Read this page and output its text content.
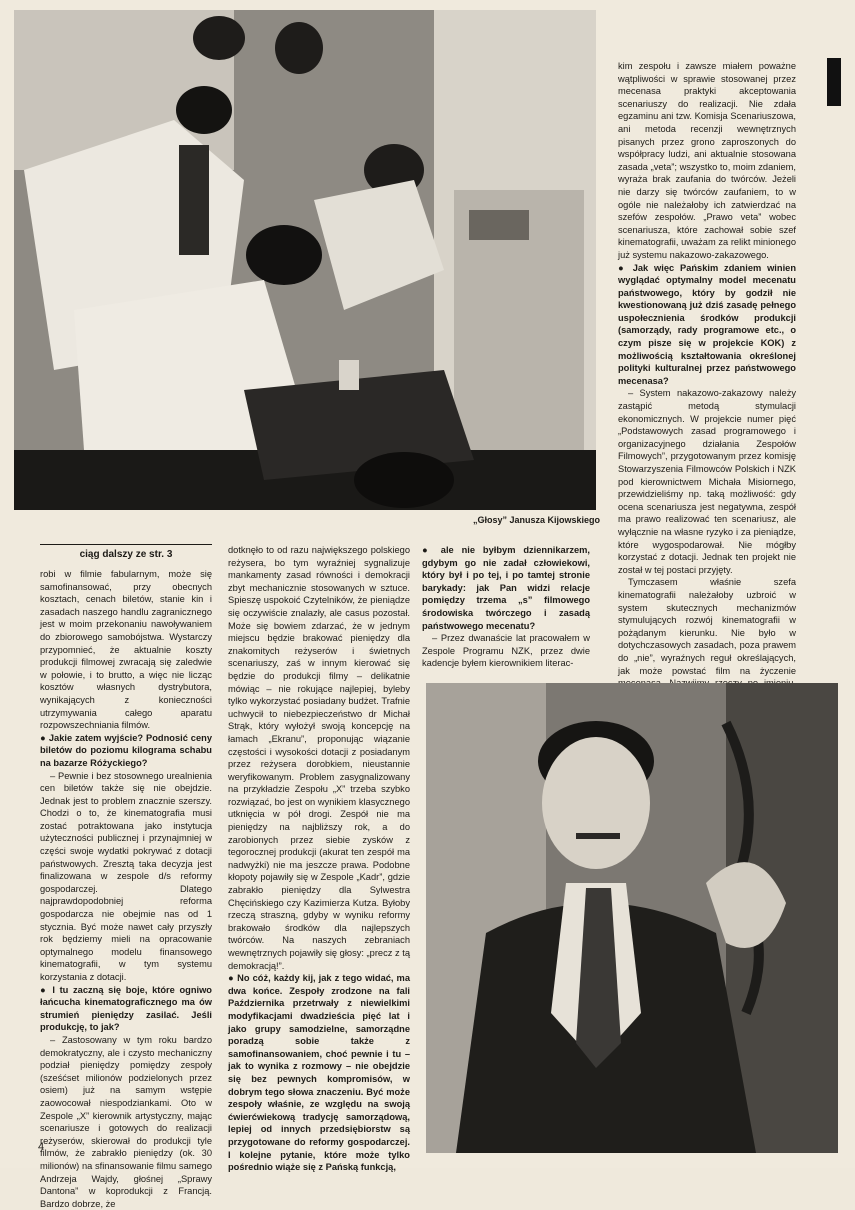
„Głosy” Janusza Kijowskiego
ciąg dalszy ze str. 3

robi w filmie fabularnym, może się samofinansować, przy obecnych kosztach, cenach biletów, stanie kin i zasadach naszego handlu zagranicznego jest w moim przekonaniu nawoływaniem do zbiorowego samobójstwa. Wystarczy przypomnieć, że aktualnie koszty produkcji filmowej zwracają się zaledwie w połowie, i to brutto, a więc nie licząc kosztów własnych dystrybutora, wynikających z konieczności utrzymywania całego aparatu rozpowszechniania filmów.

● Jakie zatem wyjście? Podnosić ceny biletów do poziomu kilograma schabu na bazarze Różyckiego?

– Pewnie i bez stosownego urealnienia cen biletów także się nie obejdzie. Jednak jest to problem znacznie szerszy. Chodzi o to, że kinematografia musi zostać potraktowana jako instytucja użyteczności publicznej i przynajmniej w części swoje wydatki pokrywać z dotacji państwowych. Zresztą taka decyzja jest finalizowana w zespole d/s reformy gospodarczej. Dlatego najprawdopodobniej reforma gospodarcza nie obejmie nas od 1 stycznia. Być może nawet cały przyszły rok będziemy mieli na opracowanie optymalnego modelu finansowego kinematografii, w tym systemu korzystania z dotacji.

● I tu zaczną się boje, które ogniwo łańcucha kinematograficznego ma ów strumień pieniędzy zasilać. Jeśli produkcję, to jak?

– Zastosowany w tym roku bardzo demokratyczny, ale i czysto mechaniczny podział pieniędzy pomiędzy zespoły (sześćset milionów podzielonych przez osiem) już na samym wstępie zaowocował niespodziankami. Oto w Zespole „X” kierownik artystyczny, mając scenariusze i gotowych do realizacji reżyserów, skierował do produkcji tyle filmów, że zabrakło pieniędzy (ok. 30 milionów) na sfinansowanie filmu samego Andrzeja Wajdy, głośnej „Sprawy Dantona” w koprodukcji z Francją. Bardzo dobrze, że

dotknęło to od razu największego polskiego reżysera, bo tym wyraźniej sygnalizuje mankamenty zasad równości i demokracji zbyt mechanicznie stosowanych w sztuce. Spieszę uspokoić Czytelników, że pieniądze się oczywiście znalazły, ale casus pozostał. Może się bowiem zdarzać, że w jednym miejscu będzie brakować pieniędzy dla znakomitych reżyserów i świetnych scenariuszy, zaś w innym kierować się będzie do produkcji filmy – delikatnie mówiąc – nie rokujące najlepiej, byleby tylko wykorzystać posiadany budżet. Trafnie uchwycił to niebezpieczeństwo dr Michał Strąk, który wyłożył swoją koncepcję na łamach „Ekranu”, proponując wiązanie częstości i wysokości dotacji z posiadanym przez reżysera dorobkiem, nieustannie weryfikowanym. Problem zasygnalizowany na przykładzie Zespołu „X” trzeba szybko rozwiązać, bo jest on wynikiem klasycznego utknięcia w pół drogi. Zespół nie ma pieniędzy na najbliższy rok, a do zarobionych przez siebie zysków z tegorocznej produkcji (akurat ten zespół ma nadwyżki) nie ma jeszcze prawa. Podobne kłopoty pojawiły się w Zespole „Kadr”, gdzie zabrakło pieniędzy dla Sylwestra Chęcińskiego czy Kazimierza Kutza. Byłoby rzeczą straszną, gdyby w wyniku reformy brakowało środków dla najlepszych twórców. Na naszych zebraniach wewnętrznych pojawiły się głosy: „precz z tą demokracją!”.

● No cóż, każdy kij, jak z tego widać, ma dwa końce. Zespoły zrodzone na fali Października przetrwały z niewielkimi modyfikacjami dwadzieścia pięć lat i jako grupy samodzielne, samorządne poradzą sobie także z samofinansowaniem, choć pewnie i tu – jak to wynika z rozmowy – nie obejdzie się bez pewnych kompromisów, w dobrym tego słowa znaczeniu. Być może zespoły właśnie, ze względu na swoją ćwierćwiekową tradycję samorządową, lepiej od innych przedsiębiorstw są przygotowane do reformy gospodarczej. I kolejne pytanie, które może tylko pośrednio wiąże się z Pańską funkcją,

● ale nie byłbym dziennikarzem, gdybym go nie zadał człowiekowi, który był i po tej, i po tamtej stronie barykady: jak Pan widzi relacje pomiędzy trzema „s” filmowego środowiska twórczego i zasadą państwowego mecenatu?

– Przez dwanaście lat pracowałem w Zespole Programu NZK, przez dwie kadencje byłem kierownikiem literac-

kim zespołu i zawsze miałem poważne wątpliwości w sprawie stosowanej przez mecenasa praktyki akceptowania scenariuszy do realizacji. Nie zdała egzaminu ani tzw. Komisja Scenariuszowa, ani metoda recenzji wewnętrznych pisanych przez grono zaproszonych do współpracy ludzi, ani aktualnie stosowana zasada „veta”; wszystko to, moim zdaniem, wyraża brak zaufania do twórców. Jeżeli nie darzy się twórców zaufaniem, to w ogóle nie należałoby ich zatwierdzać na szefów zespołów. „Prawo veta” wobec scenariusza, które zachował sobie szef kinematografii, uważam za relikt minionego już systemu nakazowo-zakazowego.

● Jak więc Pańskim zdaniem winien wyglądać optymalny model mecenatu państwowego, który by godził nie kwestionowaną już dziś zasadę pełnego uspołecznienia środków produkcji (samorządy, rady programowe etc., o czym pisze się w projekcie KOK) z możliwością kształtowania określonej polityki kulturalnej przez państwowego mecenasa?

– System nakazowo-zakazowy należy zastąpić metodą stymulacji ekonomicznych. W projekcie numer pięć „Podstawowych zasad programowego i organizacyjnego działania Zespołów Filmowych”, przygotowanym przez komisję Stowarzyszenia Filmowców Polskich i NZK pod kierownictwem Michała Misiornego, przewidzieliśmy np. taką możliwość: gdy ocena scenariusza jest negatywna, zespół ma prawo realizować ten scenariusz, ale wyłącznie na własne ryzyko i za pieniądze, które wygospodarował. Nie mógłby korzystać z dotacji. Jednak ten projekt nie został w tej postaci przyjęty.

Tymczasem właśnie szefa kinematografii należałoby uzbroić w system skutecznych mechanizmów stymulujących rozwój kinematografii w pożądanym kierunku. Nie było w dotychczasowych zasadach, poza prawem do „nie”, wyraźnych reguł określających, jak może powstać film na życzenie

4
